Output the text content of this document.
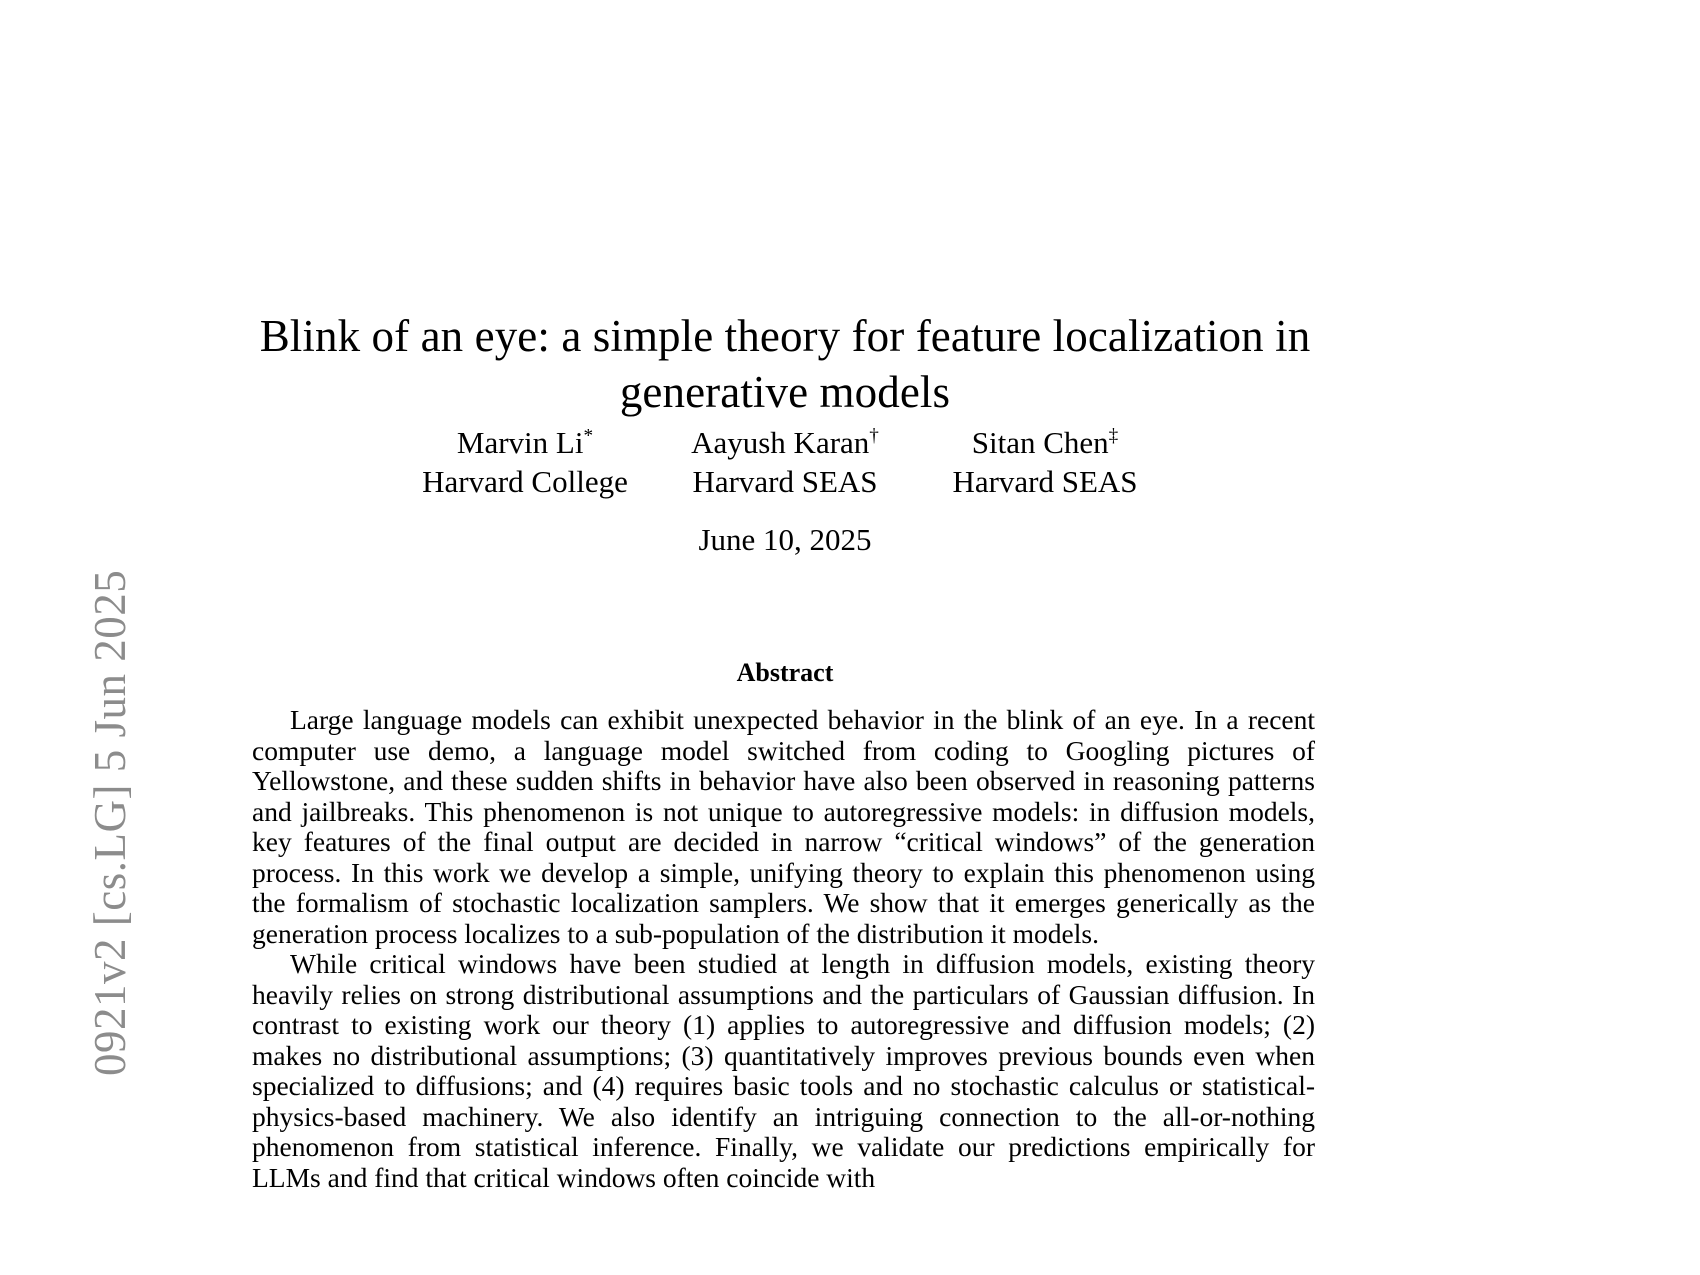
0921v2 [cs.LG] 5 Jun 2025
Blink of an eye: a simple theory for feature localization in generative models
Marvin Li*
Harvard College
Aayush Karan†
Harvard SEAS
Sitan Chen‡
Harvard SEAS
June 10, 2025
Abstract

Large language models can exhibit unexpected behavior in the blink of an eye. In a recent computer use demo, a language model switched from coding to Googling pictures of Yellowstone, and these sudden shifts in behavior have also been observed in reasoning patterns and jailbreaks. This phenomenon is not unique to autoregressive models: in diffusion models, key features of the final output are decided in narrow “critical windows” of the generation process. In this work we develop a simple, unifying theory to explain this phenomenon using the formalism of stochastic localization samplers. We show that it emerges generically as the generation process localizes to a sub-population of the distribution it models.

While critical windows have been studied at length in diffusion models, existing theory heavily relies on strong distributional assumptions and the particulars of Gaussian diffusion. In contrast to existing work our theory (1) applies to autoregressive and diffusion models; (2) makes no distributional assumptions; (3) quantitatively improves previous bounds even when specialized to diffusions; and (4) requires basic tools and no stochastic calculus or statistical-physics-based machinery. We also identify an intriguing connection to the all-or-nothing phenomenon from statistical inference. Finally, we validate our predictions empirically for LLMs and find that critical windows often coincide with
